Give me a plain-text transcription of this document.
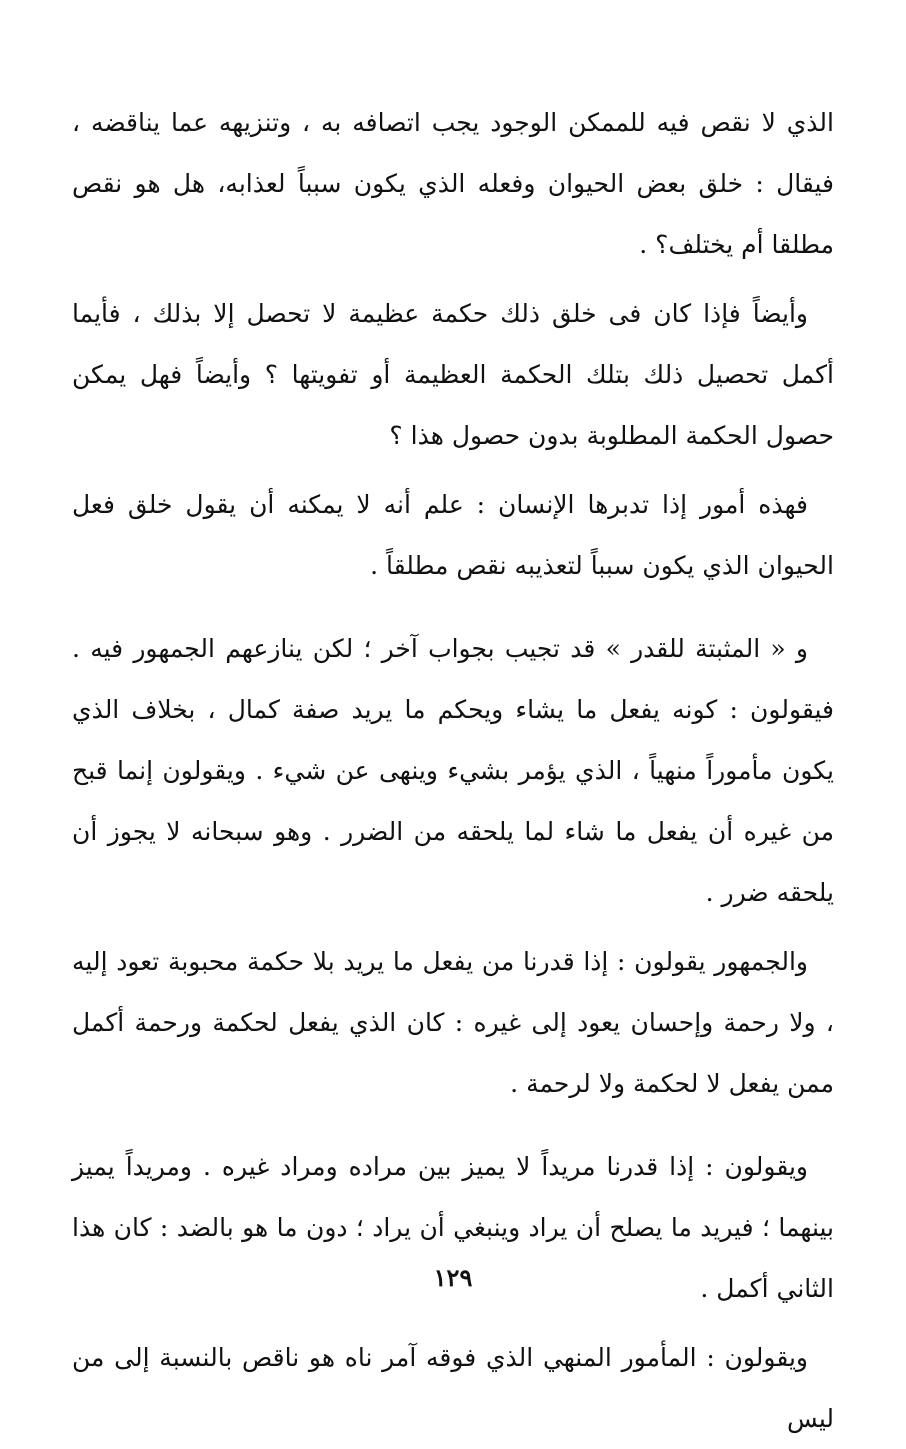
الذي لا نقص فيه للممكن الوجود يجب اتصافه به ، وتنزيهه عما يناقضه ، فيقال : خلق بعض الحيوان وفعله الذي يكون سبباً لعذابه، هل هو نقص مطلقا أم يختلف؟ .

وأيضاً فإذا كان فى خلق ذلك حكمة عظيمة لا تحصل إلا بذلك ، فأيما أكمل تحصيل ذلك بتلك الحكمة العظيمة أو تفويتها ؟ وأيضاً فهل يمكن حصول الحكمة المطلوبة بدون حصول هذا ؟

فهذه أمور إذا تدبرها الإنسان : علم أنه لا يمكنه أن يقول خلق فعل الحيوان الذي يكون سبباً لتعذيبه نقص مطلقاً .

و « المثبتة للقدر » قد تجيب بجواب آخر ؛ لكن ينازعهم الجمهور فيه . فيقولون : كونه يفعل ما يشاء ويحكم ما يريد صفة كمال ، بخلاف الذي يكون مأموراً منهياً ، الذي يؤمر بشيء وينهى عن شيء . ويقولون إنما قبح من غيره أن يفعل ما شاء لما يلحقه من الضرر . وهو سبحانه لا يجوز أن يلحقه ضرر .

والجمهور يقولون : إذا قدرنا من يفعل ما يريد بلا حكمة محبوبة تعود إليه ، ولا رحمة وإحسان يعود إلى غيره : كان الذي يفعل لحكمة ورحمة أكمل ممن يفعل لا لحكمة ولا لرحمة .

ويقولون : إذا قدرنا مريداً لا يميز بين مراده ومراد غيره . ومريداً يميز بينهما ؛ فيريد ما يصلح أن يراد وينبغي أن يراد ؛ دون ما هو بالضد : كان هذا الثاني أكمل .

ويقولون : المأمور المنهي الذي فوقه آمر ناه هو ناقص بالنسبة إلى من ليس

١٢٩
